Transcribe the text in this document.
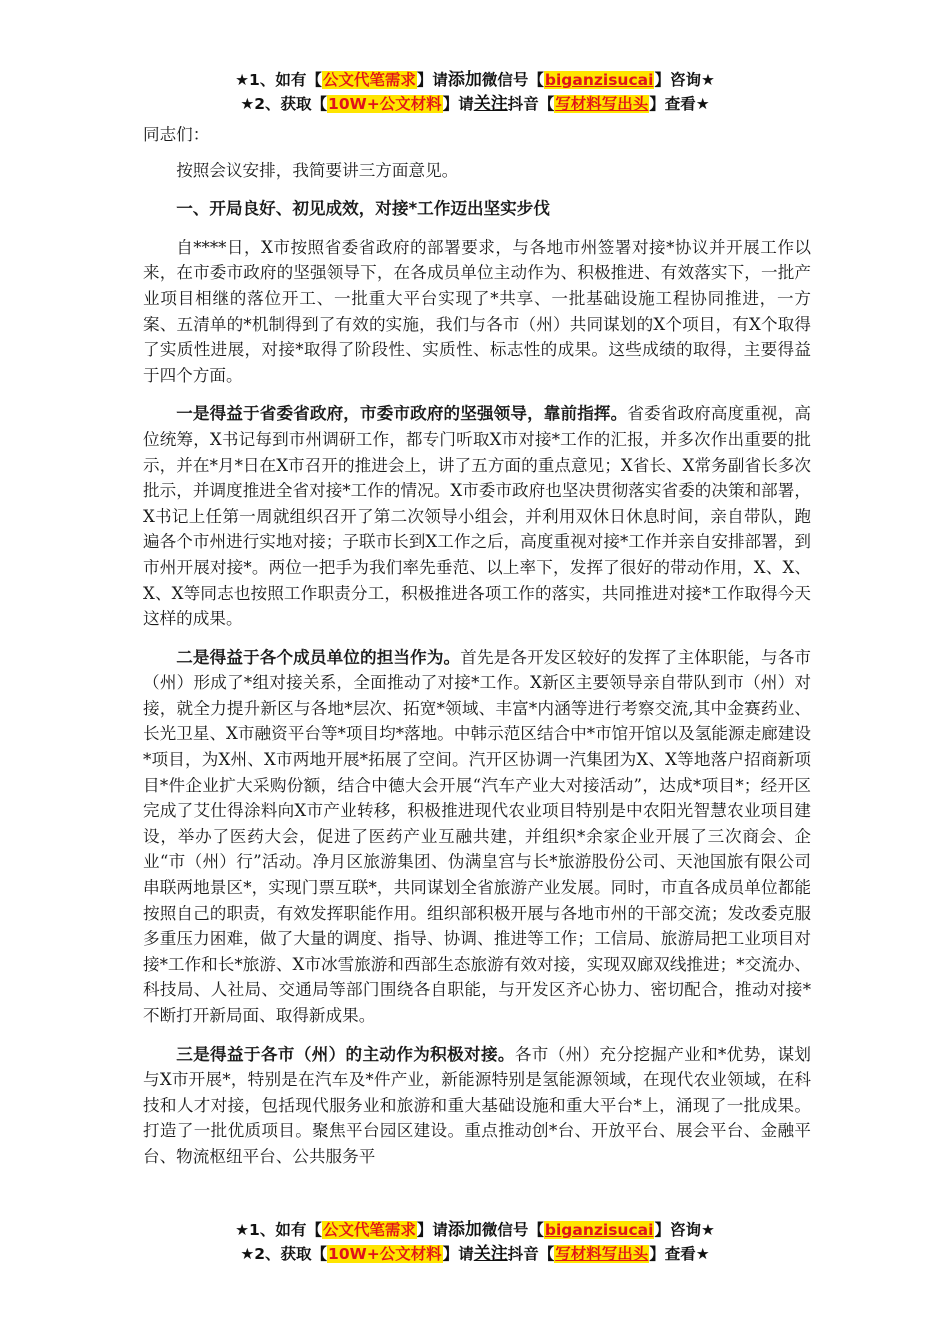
★1、如有【公文代笔需求】请添加微信号【biganzisucai】咨询★
★2、获取【10W+公文材料】请关注抖音【写材料写出头】查看★

同志们：

按照会议安排，我简要讲三方面意见。

一、开局良好、初见成效，对接*工作迈出坚实步伐

自****日，X市按照省委省政府的部署要求，与各地市州签署对接*协议并开展工作以来，在市委市政府的坚强领导下，在各成员单位主动作为、积极推进、有效落实下，一批产业项目相继的落位开工、一批重大平台实现了*共享、一批基础设施工程协同推进，一方案、五清单的*机制得到了有效的实施，我们与各市（州）共同谋划的X个项目，有X个取得了实质性进展，对接*取得了阶段性、实质性、标志性的成果。这些成绩的取得，主要得益于四个方面。

一是得益于省委省政府，市委市政府的坚强领导，靠前指挥。省委省政府高度重视，高位统筹，X书记每到市州调研工作，都专门听取X市对接*工作的汇报，并多次作出重要的批示，并在*月*日在X市召开的推进会上，讲了五方面的重点意见；X省长、X常务副省长多次批示，并调度推进全省对接*工作的情况。X市委市政府也坚决贯彻落实省委的决策和部署，X书记上任第一周就组织召开了第二次领导小组会，并利用双休日休息时间，亲自带队，跑遍各个市州进行实地对接；子联市长到X工作之后，高度重视对接*工作并亲自安排部署，到市州开展对接*。两位一把手为我们率先垂范、以上率下，发挥了很好的带动作用，X、X、X、X等同志也按照工作职责分工，积极推进各项工作的落实，共同推进对接*工作取得今天这样的成果。

二是得益于各个成员单位的担当作为。首先是各开发区较好的发挥了主体职能，与各市（州）形成了*组对接关系，全面推动了对接*工作。X新区主要领导亲自带队到市（州）对接，就全力提升新区与各地*层次、拓宽*领域、丰富*内涵等进行考察交流,其中金赛药业、长光卫星、X市融资平台等*项目均*落地。中韩示范区结合中*市馆开馆以及氢能源走廊建设*项目，为X州、X市两地开展*拓展了空间。汽开区协调一汽集团为X、X等地落户招商新项目*件企业扩大采购份额，结合中德大会开展“汽车产业大对接活动”，达成*项目*；经开区完成了艾仕得涂料向X市产业转移，积极推进现代农业项目特别是中农阳光智慧农业项目建设，举办了医药大会，促进了医药产业互融共建，并组织*余家企业开展了三次商会、企业“市（州）行”活动。净月区旅游集团、伪满皇宫与长*旅游股份公司、天池国旅有限公司串联两地景区*，实现门票互联*，共同谋划全省旅游产业发展。同时，市直各成员单位都能按照自己的职责，有效发挥职能作用。组织部积极开展与各地市州的干部交流；发改委克服多重压力困难，做了大量的调度、指导、协调、推进等工作；工信局、旅游局把工业项目对接*工作和长*旅游、X市冰雪旅游和西部生态旅游有效对接，实现双廊双线推进；*交流办、科技局、人社局、交通局等部门围绕各自职能，与开发区齐心协力、密切配合，推动对接*不断打开新局面、取得新成果。

三是得益于各市（州）的主动作为积极对接。各市（州）充分挖掘产业和*优势，谋划与X市开展*，特别是在汽车及*件产业，新能源特别是氢能源领域，在现代农业领域，在科技和人才对接，包括现代服务业和旅游和重大基础设施和重大平台*上，涌现了一批成果。打造了一批优质项目。聚焦平台园区建设。重点推动创*台、开放平台、展会平台、金融平台、物流枢纽平台、公共服务平

★1、如有【公文代笔需求】请添加微信号【biganzisucai】咨询★
★2、获取【10W+公文材料】请关注抖音【写材料写出头】查看★
